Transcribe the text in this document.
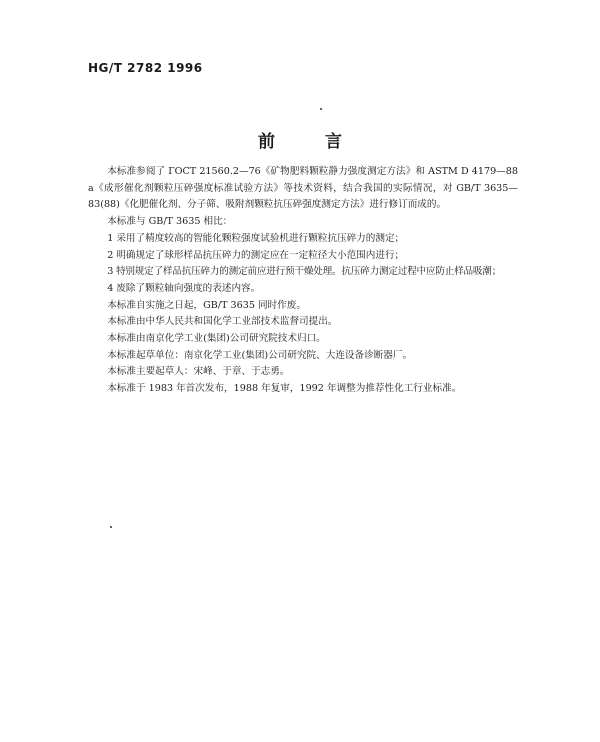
HG/T 2782 1996
前 言

本标准参阅了 ГОСТ 21560.2—76《矿物肥料颗粒静力强度测定方法》和 ASTM D 4179—88 a《成形催化剂颗粒压碎强度标准试验方法》等技术资料，结合我国的实际情况，对 GB/T 3635—83(88)《化肥催化剂、分子筛、吸附剂颗粒抗压碎强度测定方法》进行修订而成的。

本标准与 GB/T 3635 相比：

1 采用了精度较高的智能化颗粒强度试验机进行颗粒抗压碎力的测定；

2 明确规定了球形样品抗压碎力的测定应在一定粒径大小范围内进行；

3 特别规定了样品抗压碎力的测定前应进行预干燥处理。抗压碎力测定过程中应防止样品吸潮；

4 废除了颗粒轴向强度的表述内容。

本标准自实施之日起，GB/T 3635 同时作废。

本标准由中华人民共和国化学工业部技术监督司提出。

本标准由南京化学工业(集团)公司研究院技术归口。

本标准起草单位：南京化学工业(集团)公司研究院、大连设备诊断器厂。

本标准主要起草人：宋峰、于章、于志勇。

本标准于 1983 年首次发布，1988 年复审，1992 年调整为推荐性化工行业标准。
